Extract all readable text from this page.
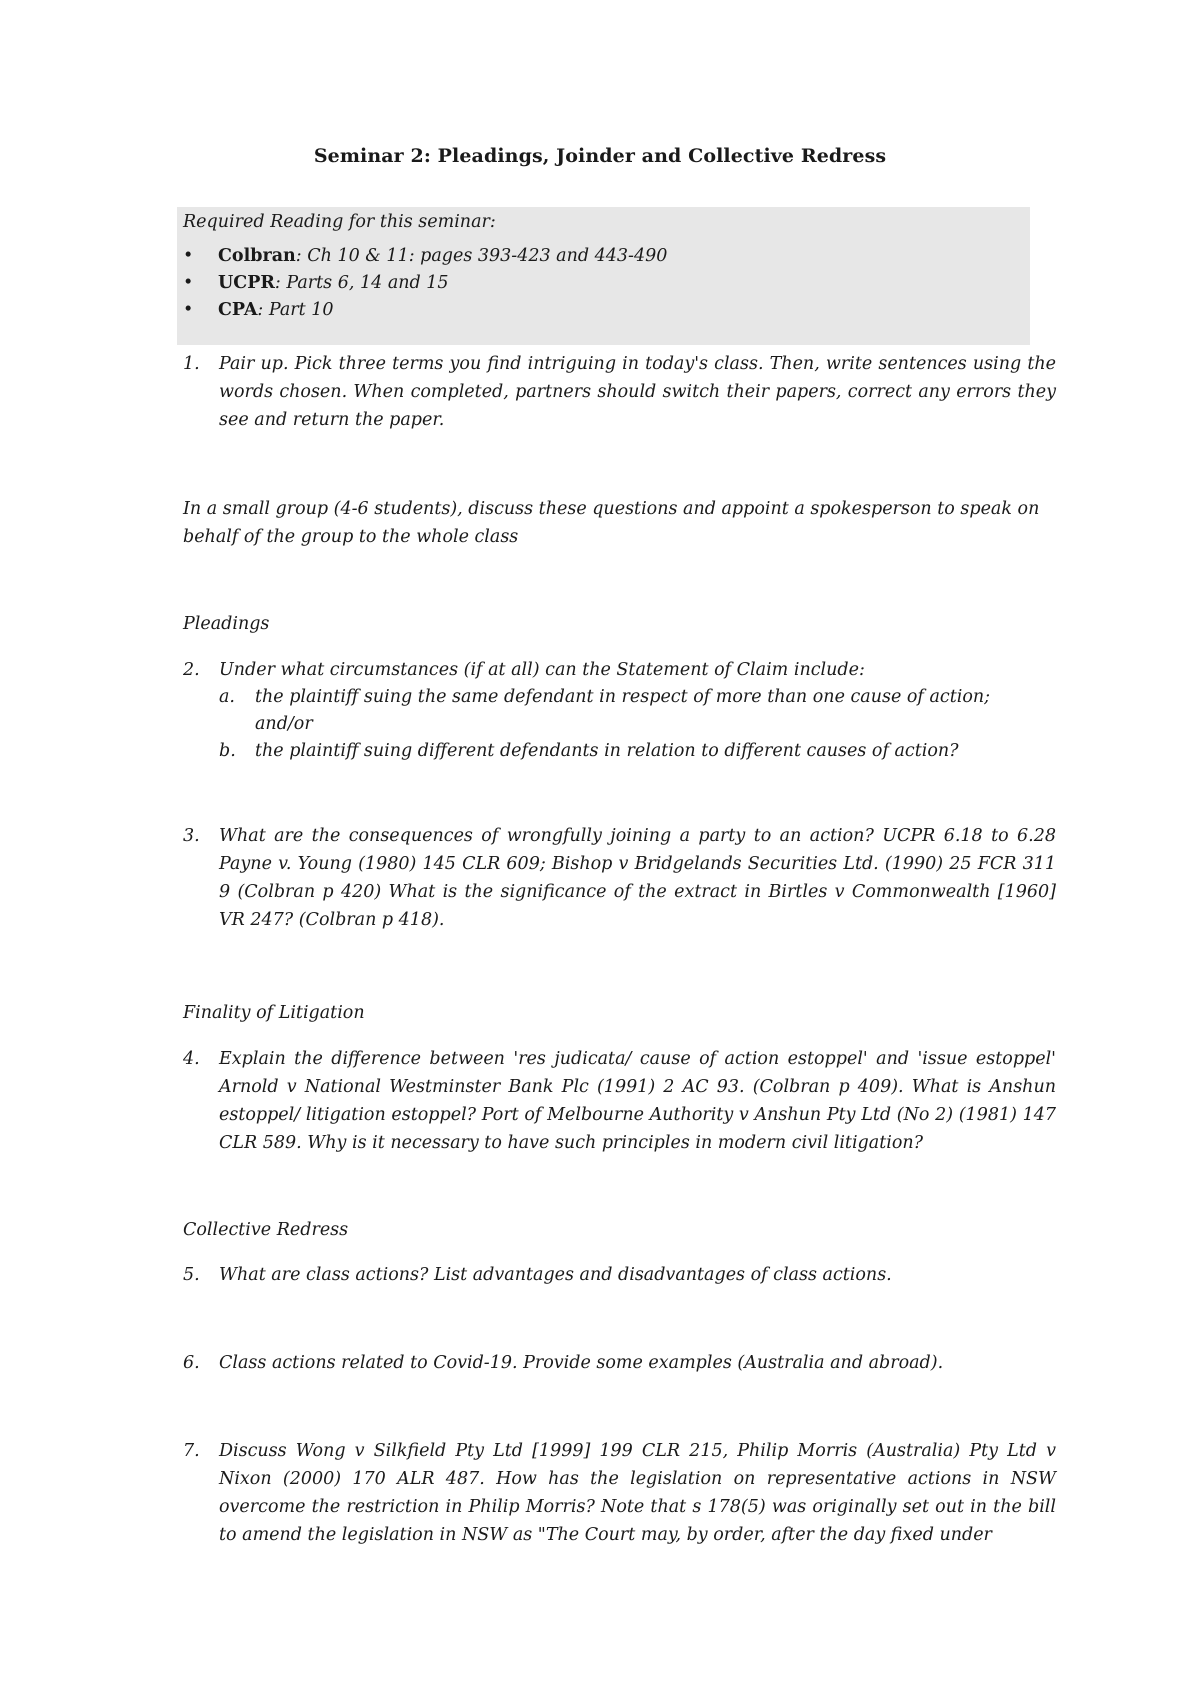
Seminar 2: Pleadings, Joinder and Collective Redress
Required Reading for this seminar:
• Colbran: Ch 10 & 11: pages 393-423 and 443-490
• UCPR: Parts 6, 14 and 15
• CPA: Part 10
1. Pair up. Pick three terms you find intriguing in today's class. Then, write sentences using the words chosen. When completed, partners should switch their papers, correct any errors they see and return the paper.
In a small group (4-6 students), discuss these questions and appoint a spokesperson to speak on behalf of the group to the whole class
Pleadings
2. Under what circumstances (if at all) can the Statement of Claim include:
a. the plaintiff suing the same defendant in respect of more than one cause of action; and/or
b. the plaintiff suing different defendants in relation to different causes of action?
3. What are the consequences of wrongfully joining a party to an action? UCPR 6.18 to 6.28 Payne v. Young (1980) 145 CLR 609; Bishop v Bridgelands Securities Ltd. (1990) 25 FCR 311 9 (Colbran p 420) What is the significance of the extract in Birtles v Commonwealth [1960] VR 247? (Colbran p 418).
Finality of Litigation
4. Explain the difference between 'res judicata/ cause of action estoppel' and 'issue estoppel' Arnold v National Westminster Bank Plc (1991) 2 AC 93. (Colbran p 409). What is Anshun estoppel/ litigation estoppel? Port of Melbourne Authority v Anshun Pty Ltd (No 2) (1981) 147 CLR 589. Why is it necessary to have such principles in modern civil litigation?
Collective Redress
5. What are class actions? List advantages and disadvantages of class actions.
6. Class actions related to Covid-19. Provide some examples (Australia and abroad).
7. Discuss Wong v Silkfield Pty Ltd [1999] 199 CLR 215, Philip Morris (Australia) Pty Ltd v Nixon (2000) 170 ALR 487. How has the legislation on representative actions in NSW overcome the restriction in Philip Morris? Note that s 178(5) was originally set out in the bill to amend the legislation in NSW as "The Court may, by order, after the day fixed under
